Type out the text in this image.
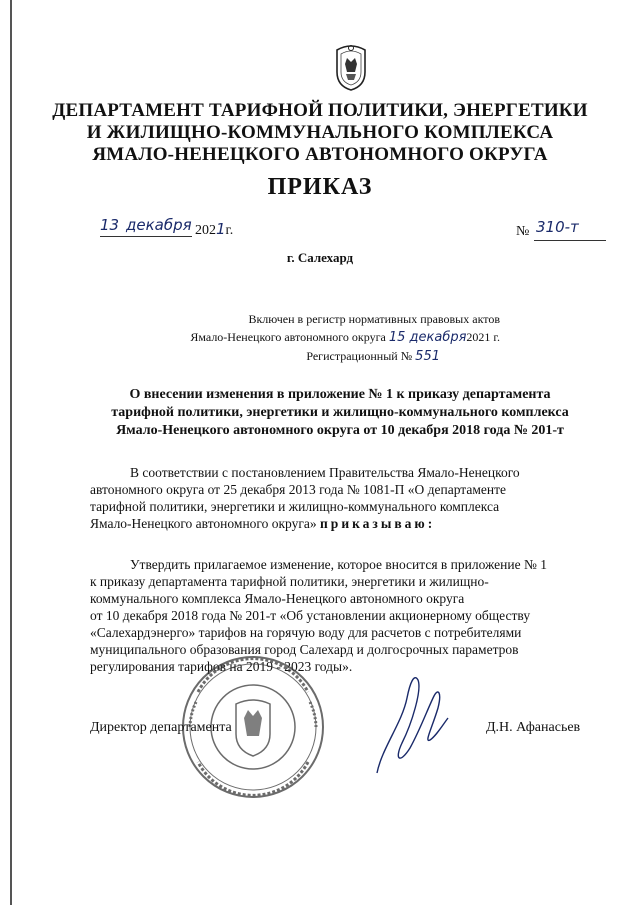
ДЕПАРТАМЕНТ ТАРИФНОЙ ПОЛИТИКИ, ЭНЕРГЕТИКИ
И ЖИЛИЩНО-КОММУНАЛЬНОГО КОМПЛЕКСА
ЯМАЛО-НЕНЕЦКОГО АВТОНОМНОГО ОКРУГА
ПРИКАЗ
13 декабря 2021г.	№ 310-т
г. Салехард
Включен в регистр нормативных правовых актов
Ямало-Ненецкого автономного округа 15 декабря2021 г.
Регистрационный № 551
О внесении изменения в приложение № 1 к приказу департамента
тарифной политики, энергетики и жилищно-коммунального комплекса
Ямало-Ненецкого автономного округа от 10 декабря 2018 года № 201-т
В соответствии с постановлением Правительства Ямало-Ненецкого
автономного округа от 25 декабря 2013 года № 1081-П «О департаменте
тарифной политики, энергетики и жилищно-коммунального комплекса
Ямало-Ненецкого автономного округа» приказываю:
Утвердить прилагаемое изменение, которое вносится в приложение № 1
к приказу департамента тарифной политики, энергетики и жилищно-
коммунального комплекса Ямало-Ненецкого автономного округа
от 10 декабря 2018 года № 201-т «Об установлении акционерному обществу
«Салехардэнерго» тарифов на горячую воду для расчетов с потребителями
муниципального образования город Салехард и долгосрочных параметров
регулирования тарифов на 2019 - 2023 годы».
Директор департамента	Д.Н. Афанасьев
